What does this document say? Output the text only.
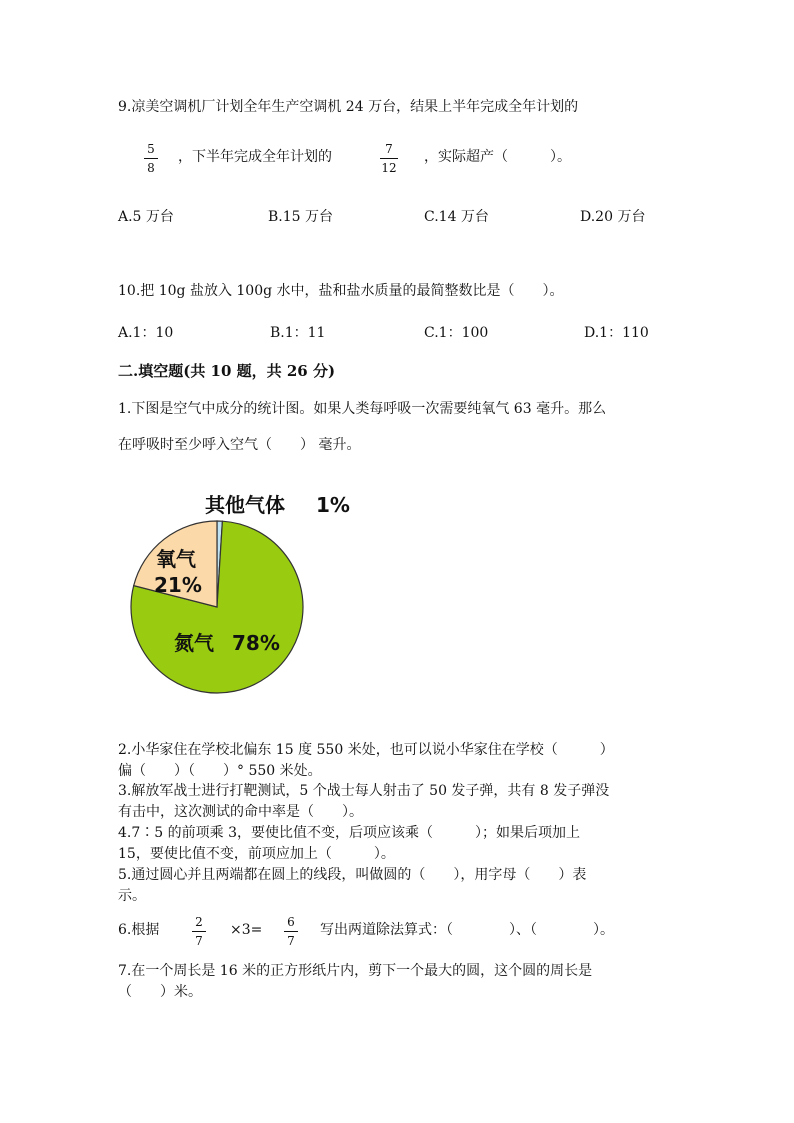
9.凉美空调机厂计划全年生产空调机 24 万台，结果上半年完成全年计划的
5
8
，下半年完成全年计划的	7
12
，实际超产（　　　）。
A.5 万台	B.15 万台	C.14 万台	D.20 万台
10.把 10g 盐放入 100g 水中，盐和盐水质量的最简整数比是（　　）。
A.1：10	B.1：11	C.1：100	D.1：110
二.填空题(共 10 题，共 26 分)
1.下图是空气中成分的统计图。如果人类每呼吸一次需要纯氧气 63 毫升。那么
在呼吸时至少呼入空气（　　） 毫升。
其他气体 1%
氧气
21%
氮气 78%
2.小华家住在学校北偏东 15 度 550 米处，也可以说小华家住在学校（　　　）
偏（　　）（　　）° 550 米处。
3.解放军战士进行打靶测试，5 个战士每人射击了 50 发子弹，共有 8 发子弹没
有击中，这次测试的命中率是（　　）。
4.7∶5 的前项乘 3，要使比值不变，后项应该乘（　　　）；如果后项加上
15，要使比值不变，前项应加上（　　　）。
5.通过圆心并且两端都在圆上的线段，叫做圆的（　　），用字母（　　）表
示。
6.根据	2
7
×3= 6
7
写出两道除法算式：（　　　　）、（　　　　）。
7.在一个周长是 16 米的正方形纸片内，剪下一个最大的圆，这个圆的周长是
（　　）米。
